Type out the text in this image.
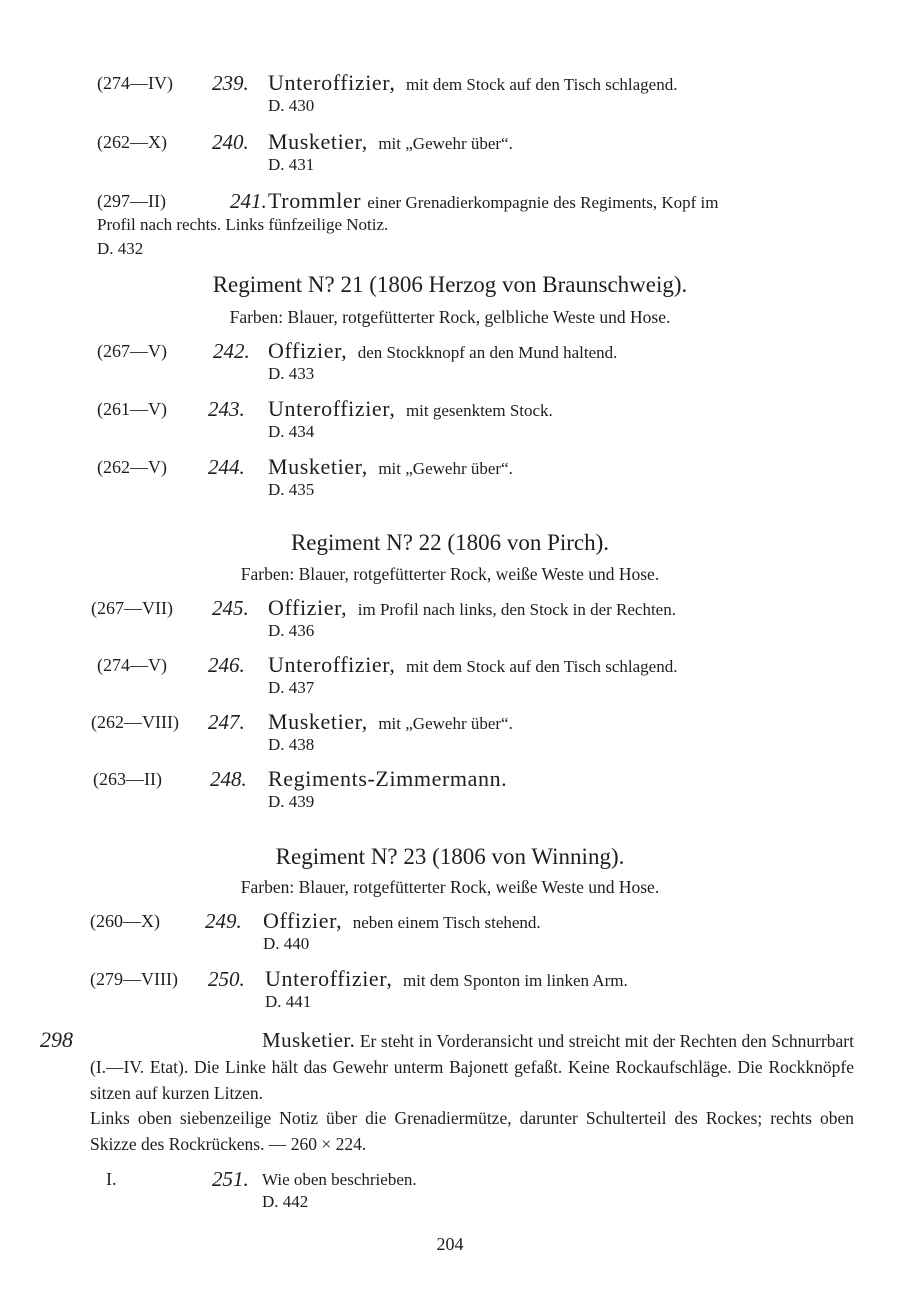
(274—IV) 239. Unteroffizier, mit dem Stock auf den Tisch schlagend.
D. 430
(262—X) 240. Musketier, mit „Gewehr über“.
D. 431
(297—II)	241. Trommler einer Grenadierkompagnie des Regiments, Kopf im
Profil nach rechts. Links fünfzeilige Notiz.
D. 432
Regiment N? 21 (1806 Herzog von Braunschweig).
Farben: Blauer, rotgefütterter Rock, gelbliche Weste und Hose.
(267—V) 242. Offizier, den Stockknopf an den Mund haltend.
D. 433
(261—V) 243. Unteroffizier, mit gesenktem Stock.
D. 434
(262—V) 244. Musketier, mit „Gewehr über“.
D. 435
Regiment N? 22 (1806 von Pirch).
Farben: Blauer, rotgefütterter Rock, weiße Weste und Hose.
(267—VII) 245. Offizier, im Profil nach links, den Stock in der Rechten.
D. 436
(274—V) 246. Unteroffizier, mit dem Stock auf den Tisch schlagend.
D. 437
(262—VIII) 247. Musketier, mit „Gewehr über“.
D. 438
(263—II) 248. Regiments-Zimmermann.
D. 439
Regiment N? 23 (1806 von Winning).
Farben: Blauer, rotgefütterter Rock, weiße Weste und Hose.
(260—X) 249. Offizier, neben einem Tisch stehend.
D. 440
(279—VIII) 250. Unteroffizier, mit dem Sponton im linken Arm.
D. 441
298	Musketier. Er steht in Vorderansicht und streicht mit der Rechten den Schnurrbart (I.—IV. Etat). Die Linke hält das Gewehr unterm Bajonett gefaßt. Keine Rockaufschläge. Die Rockknöpfe sitzen auf kurzen Litzen.
Links oben siebenzeilige Notiz über die Grenadiermütze, darunter Schulterteil des Rockes; rechts oben Skizze des Rockrückens. — 260 × 224.
I.	251. Wie oben beschrieben.
D. 442
204
